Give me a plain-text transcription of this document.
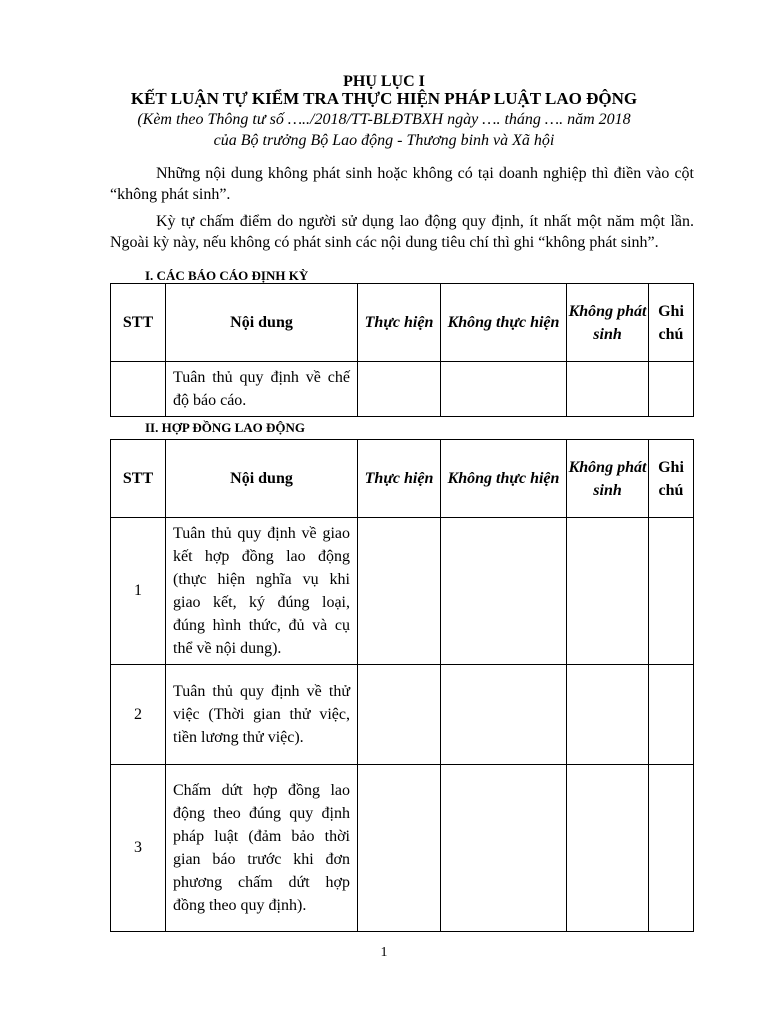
PHỤ LỤC I
KẾT LUẬN TỰ KIỂM TRA THỰC HIỆN PHÁP LUẬT LAO ĐỘNG
(Kèm theo Thông tư số …../2018/TT-BLĐTBXH ngày …. tháng …. năm 2018
của Bộ trưởng Bộ Lao động - Thương binh và Xã hội
Những nội dung không phát sinh hoặc không có tại doanh nghiệp thì điền vào cột “không phát sinh”.
Kỳ tự chấm điểm do người sử dụng lao động quy định, ít nhất một năm một lần. Ngoài kỳ này, nếu không có phát sinh các nội dung tiêu chí thì ghi “không phát sinh”.
I. CÁC BÁO CÁO ĐỊNH KỲ
STT	Nội dung	Thực hiện	Không thực hiện	Không phát sinh	Ghi chú
	Tuân thủ quy định về chế độ báo cáo.				
II. HỢP ĐỒNG LAO ĐỘNG
STT	Nội dung	Thực hiện	Không thực hiện	Không phát sinh	Ghi chú
1	Tuân thủ quy định về giao kết hợp đồng lao động (thực hiện nghĩa vụ khi giao kết, ký đúng loại, đúng hình thức, đủ và cụ thể về nội dung).				
2	Tuân thủ quy định về thử việc (Thời gian thử việc, tiền lương thử việc).				
3	Chấm dứt hợp đồng lao động theo đúng quy định pháp luật (đảm bảo thời gian báo trước khi đơn phương chấm dứt hợp đồng theo quy định).				
1
